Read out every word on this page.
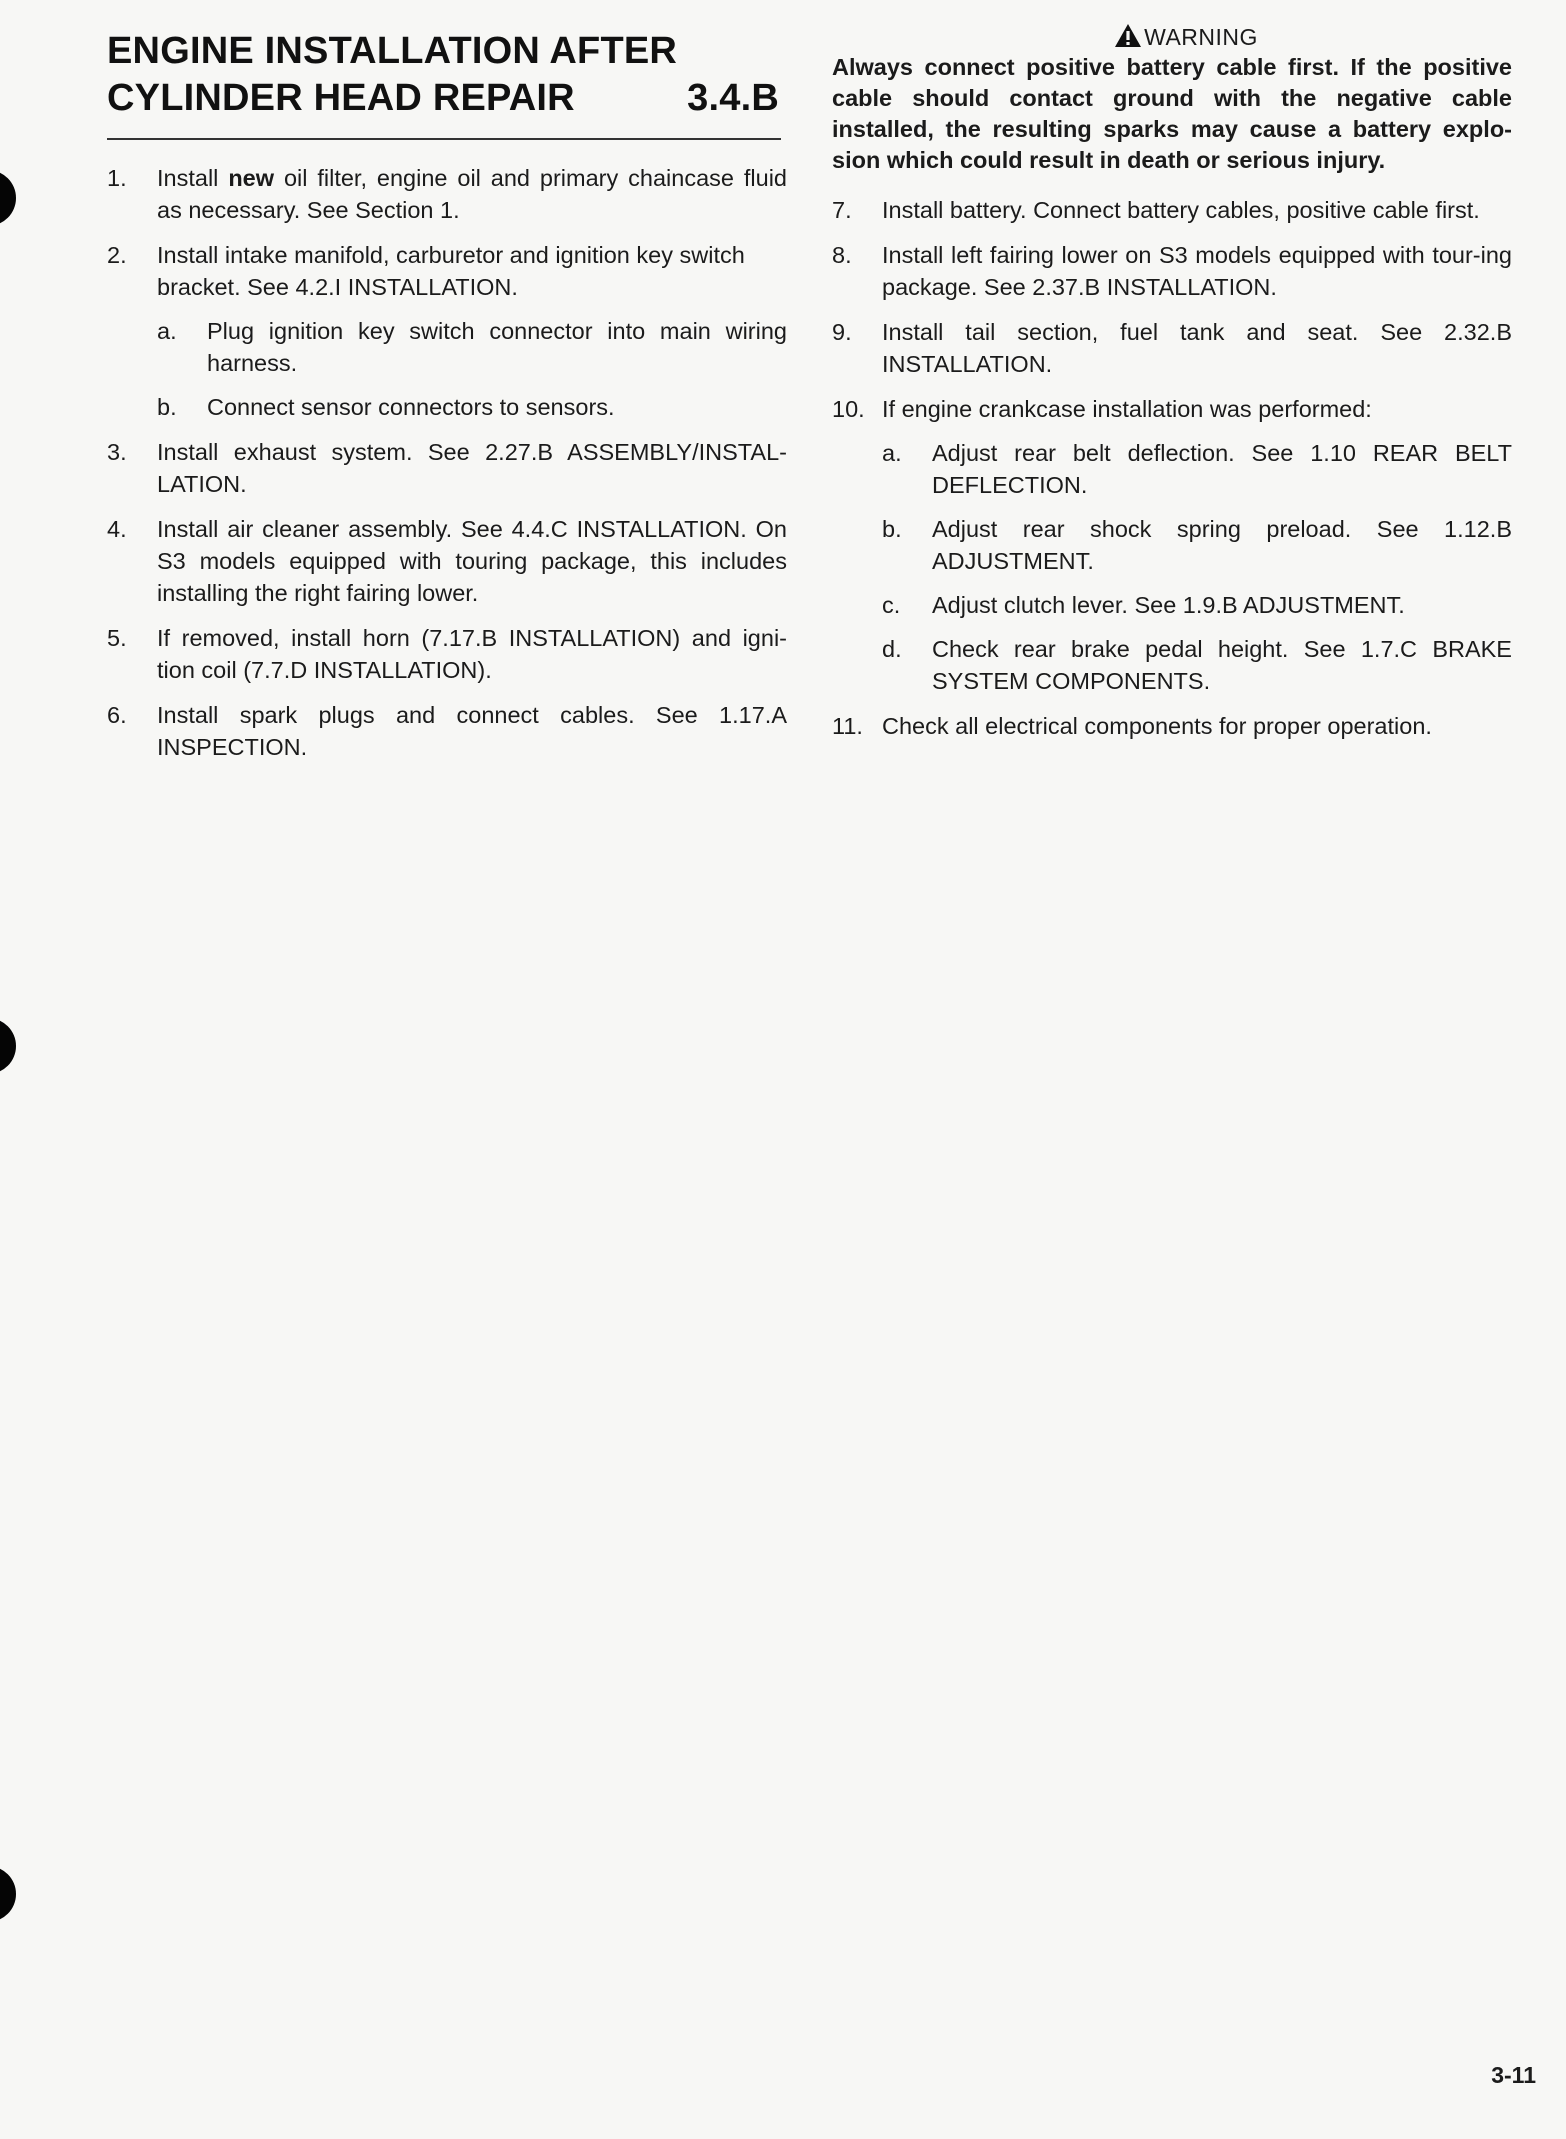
ENGINE INSTALLATION AFTER
CYLINDER HEAD REPAIR	3.4.B
1. Install new oil filter, engine oil and primary chaincase fluid as necessary. See Section 1.
2. Install intake manifold, carburetor and ignition key switch bracket. See 4.2.I INSTALLATION.
a. Plug ignition key switch connector into main wiring harness.
b. Connect sensor connectors to sensors.
3. Install exhaust system. See 2.27.B ASSEMBLY/INSTAL-LATION.
4. Install air cleaner assembly. See 4.4.C INSTALLATION. On S3 models equipped with touring package, this includes installing the right fairing lower.
5. If removed, install horn (7.17.B INSTALLATION) and igni-tion coil (7.7.D INSTALLATION).
6. Install spark plugs and connect cables. See 1.17.A INSPECTION.
WARNING
Always connect positive battery cable first. If the positive cable should contact ground with the negative cable installed, the resulting sparks may cause a battery explo-sion which could result in death or serious injury.
7. Install battery. Connect battery cables, positive cable first.
8. Install left fairing lower on S3 models equipped with tour-ing package. See 2.37.B INSTALLATION.
9. Install tail section, fuel tank and seat. See 2.32.B INSTALLATION.
10. If engine crankcase installation was performed:
a. Adjust rear belt deflection. See 1.10 REAR BELT DEFLECTION.
b. Adjust rear shock spring preload. See 1.12.B ADJUSTMENT.
c. Adjust clutch lever. See 1.9.B ADJUSTMENT.
d. Check rear brake pedal height. See 1.7.C BRAKE SYSTEM COMPONENTS.
11. Check all electrical components for proper operation.
3-11
